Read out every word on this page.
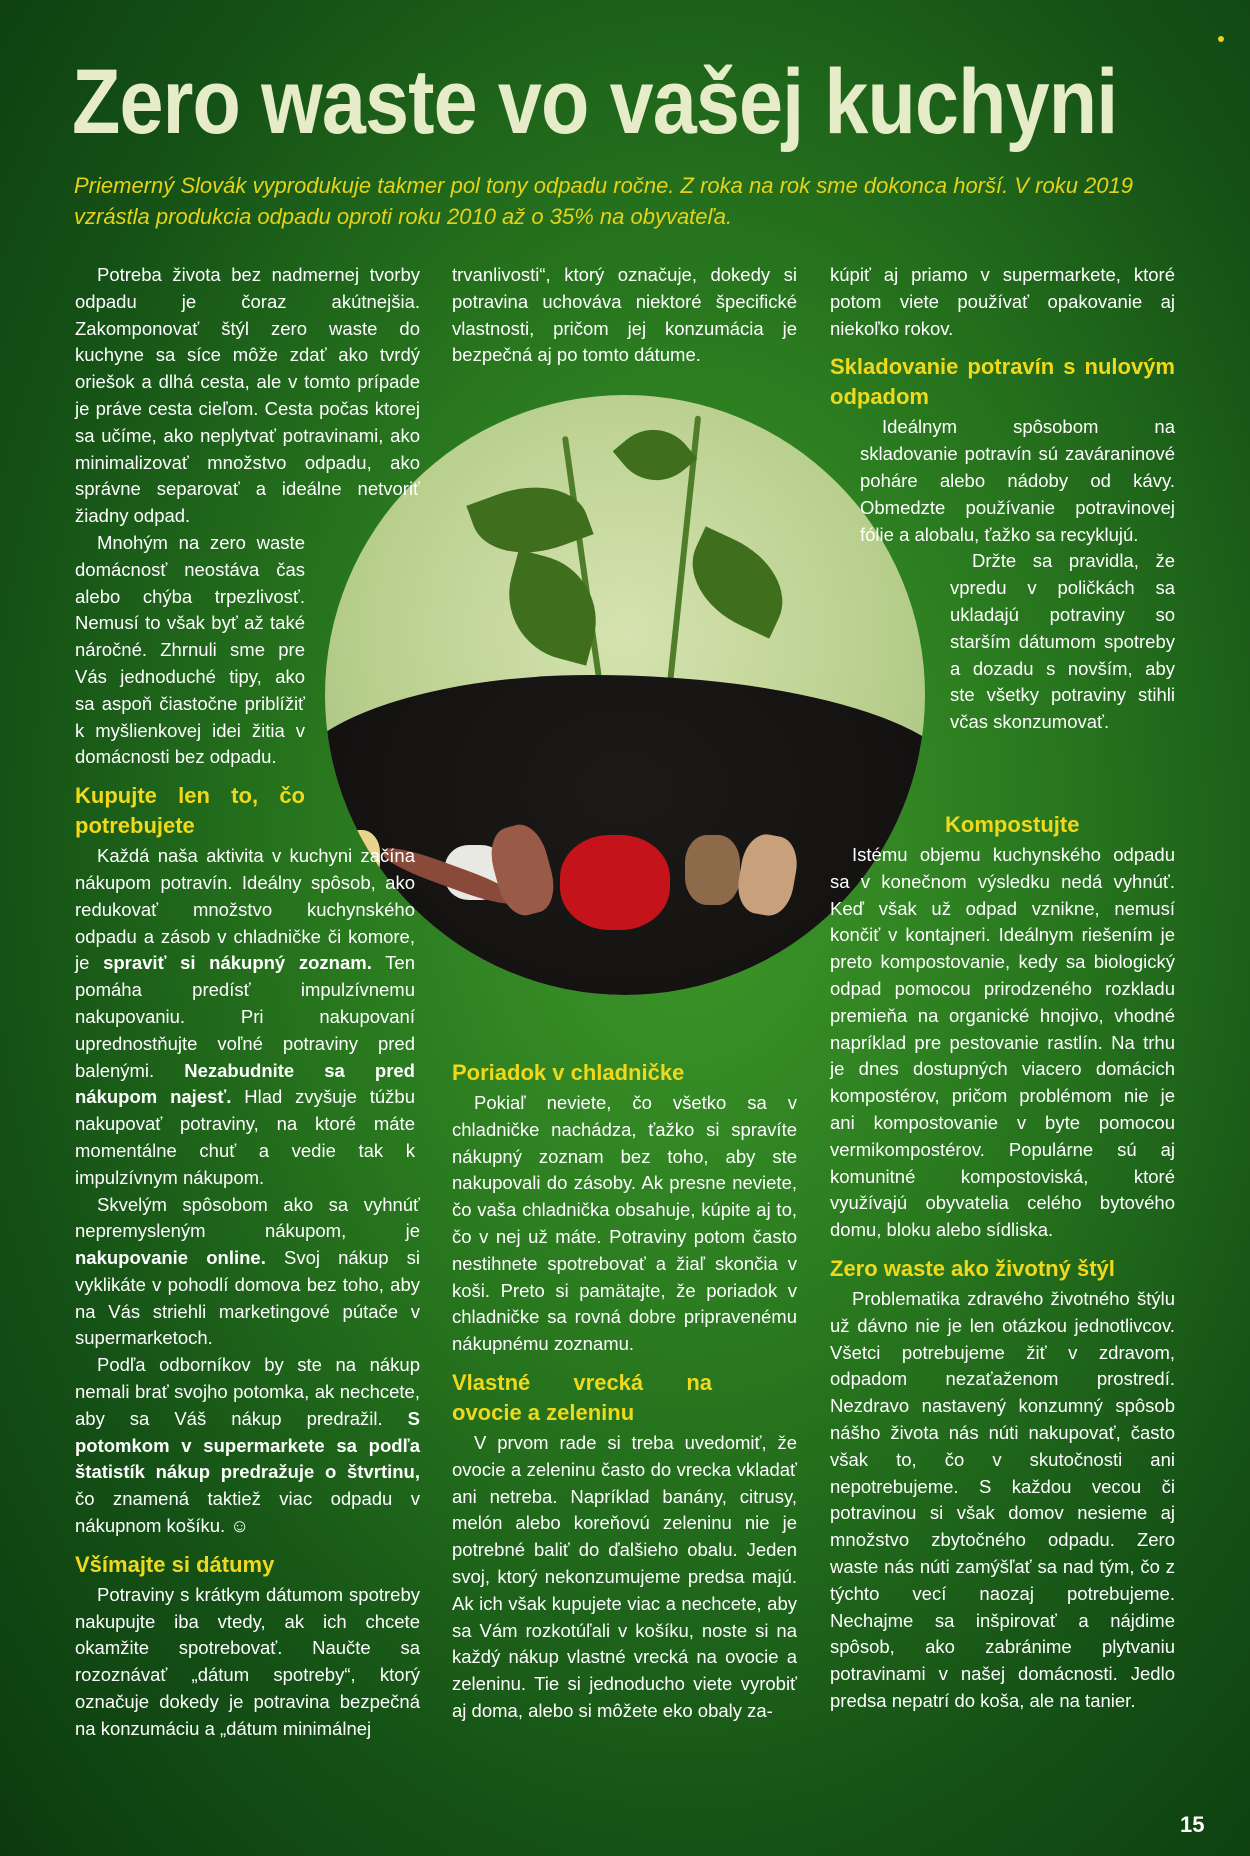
Zero waste vo vašej kuchyni
Priemerný Slovák vyprodukuje takmer pol tony odpadu ročne. Z roka na rok sme dokonca horší. V roku 2019 vzrástla produkcia odpadu oproti roku 2010 až o 35% na obyvateľa.

Potreba života bez nadmernej tvorby odpadu je čoraz akútnejšia. Zakomponovať štýl zero waste do kuchyne sa síce môže zdať ako tvrdý oriešok a dlhá cesta, ale v tomto prípade je práve cesta cieľom. Cesta počas ktorej sa učíme, ako neplytvať potravinami, ako minimalizovať množstvo odpadu, ako správne separovať a ideálne netvoriť žiadny odpad.

Mnohým na zero waste domácnosť neostáva čas alebo chýba trpezlivosť. Nemusí to však byť až také náročné. Zhrnuli sme pre Vás jednoduché tipy, ako sa aspoň čiastočne priblížiť k myšlienkovej idei žitia v domácnosti bez odpadu.

Kupujte len to, čo potrebujete

Každá naša aktivita v kuchyni začína nákupom potravín. Ideálny spôsob, ako redukovať množstvo kuchynského odpadu a zásob v chladničke či komore, je spraviť si nákupný zoznam. Ten pomáha predísť impulzívnemu nakupovaniu. Pri nakupovaní uprednostňujte voľné potraviny pred balenými. Nezabudnite sa pred nákupom najesť. Hlad zvyšuje túžbu nakupovať potraviny, na ktoré máte momentálne chuť a vedie tak k impulzívnym nákupom.

Skvelým spôsobom ako sa vyhnúť nepremysleným nákupom, je nakupovanie online. Svoj nákup si vyklikáte v pohodlí domova bez toho, aby na Vás striehli marketingové pútače v supermarketoch.

Podľa odborníkov by ste na nákup nemali brať svojho potomka, ak nechcete, aby sa Váš nákup predražil. S potomkom v supermarkete sa podľa štatistík nákup predražuje o štvrtinu, čo znamená taktiež viac odpadu v nákupnom košíku. ☺

Všímajte si dátumy

Potraviny s krátkym dátumom spotreby nakupujte iba vtedy, ak ich chcete okamžite spotrebovať. Naučte sa rozoznávať „dátum spotreby“, ktorý označuje dokedy je potravina bezpečná na konzumáciu a „dátum minimálnej

trvanlivosti“, ktorý označuje, dokedy si potravina uchováva niektoré špecifické vlastnosti, pričom jej konzumácia je bezpečná aj po tomto dátume.

Poriadok v chladničke

Pokiaľ neviete, čo všetko sa v chladničke nachádza, ťažko si spravíte nákupný zoznam bez toho, aby ste nakupovali do zásoby. Ak presne neviete, čo vaša chladnička obsahuje, kúpite aj to, čo v nej už máte. Potraviny potom často nestihnete spotrebovať a žiaľ skončia v koši. Preto si pamätajte, že poriadok v chladničke sa rovná dobre pripravenému nákupnému zoznamu.

Vlastné vrecká na ovocie a zeleninu

V prvom rade si treba uvedomiť, že ovocie a zeleninu často do vrecka vkladať ani netreba. Napríklad banány, citrusy, melón alebo koreňovú zeleninu nie je potrebné baliť do ďalšieho obalu. Jeden svoj, ktorý nekonzumujeme predsa majú. Ak ich však kupujete viac a nechcete, aby sa Vám rozkotúľali v košíku, noste si na každý nákup vlastné vrecká na ovocie a zeleninu. Tie si jednoducho viete vyrobiť aj doma, alebo si môžete eko obaly za-

kúpiť aj priamo v supermarkete, ktoré potom viete používať opakovanie aj niekoľko rokov.

Skladovanie potravín s nulovým odpadom

Ideálnym spôsobom na skladovanie potravín sú zaváraninové poháre alebo nádoby od kávy. Obmedzte používanie potravinovej fólie a alobalu, ťažko sa recyklujú.

Držte sa pravidla, že vpredu v poličkách sa ukladajú potraviny so starším dátumom spotreby a dozadu s novším, aby ste všetky potraviny stihli včas skonzumovať.

Kompostujte

Istému objemu kuchynského odpadu sa v konečnom výsledku nedá vyhnúť. Keď však už odpad vznikne, nemusí končiť v kontajneri. Ideálnym riešením je preto kompostovanie, kedy sa biologický odpad pomocou prirodzeného rozkladu premieňa na organické hnojivo, vhodné napríklad pre pestovanie rastlín. Na trhu je dnes dostupných viacero domácich kompostérov, pričom problémom nie je ani kompostovanie v byte pomocou vermikompostérov. Populárne sú aj komunitné kompostoviská, ktoré využívajú obyvatelia celého bytového domu, bloku alebo sídliska.

Zero waste ako životný štýl

Problematika zdravého životného štýlu už dávno nie je len otázkou jednotlivcov. Všetci potrebujeme žiť v zdravom, odpadom nezaťaženom prostredí. Nezdravo nastavený konzumný spôsob nášho života nás núti nakupovať, často však to, čo v skutočnosti ani nepotrebujeme. S každou vecou či potravinou si však domov nesieme aj množstvo zbytočného odpadu. Zero waste nás núti zamýšľať sa nad tým, čo z týchto vecí naozaj potrebujeme. Nechajme sa inšpirovať a nájdime spôsob, ako zabránime plytvaniu potravinami v našej domácnosti. Jedlo predsa nepatrí do koša, ale na tanier.

15
